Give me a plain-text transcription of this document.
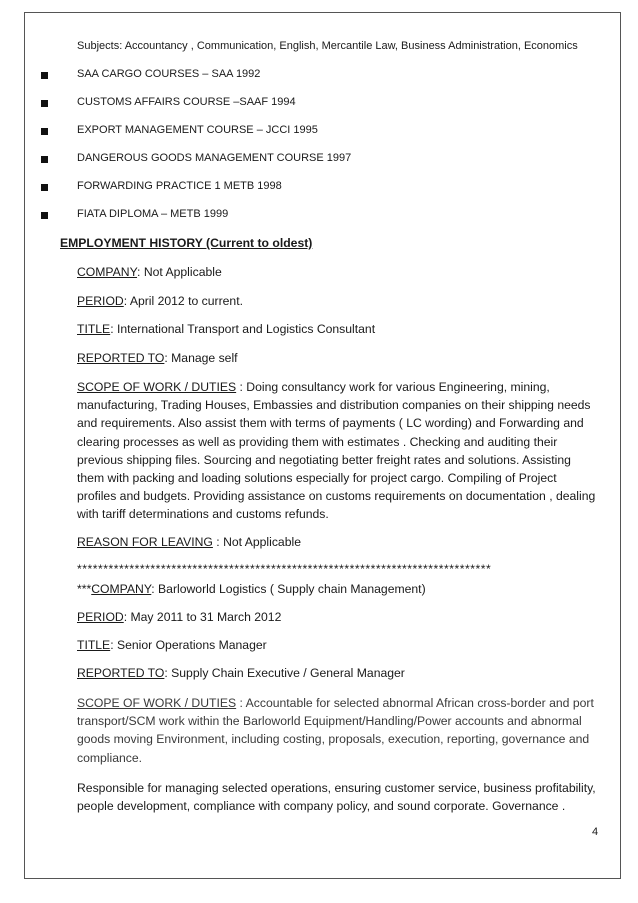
Subjects: Accountancy , Communication, English, Mercantile Law, Business Administration, Economics
SAA CARGO COURSES – SAA 1992
CUSTOMS AFFAIRS COURSE –SAAF 1994
EXPORT MANAGEMENT COURSE – JCCI 1995
DANGEROUS GOODS MANAGEMENT COURSE 1997
FORWARDING PRACTICE 1 METB 1998
FIATA DIPLOMA – METB 1999
EMPLOYMENT HISTORY (Current to oldest)
COMPANY: Not Applicable
PERIOD: April 2012 to current.
TITLE: International Transport and Logistics Consultant
REPORTED TO: Manage self
SCOPE OF WORK / DUTIES : Doing consultancy work for various Engineering, mining, manufacturing, Trading Houses, Embassies and distribution companies on their shipping needs and requirements. Also assist them with terms of payments ( LC wording) and Forwarding and clearing processes as well as providing them with estimates . Checking and auditing their previous shipping files. Sourcing and negotiating better freight rates and solutions. Assisting them with packing and loading solutions especially for project cargo. Compiling of Project profiles and budgets. Providing assistance on customs requirements on documentation , dealing with tariff determinations and customs refunds.
REASON FOR LEAVING : Not Applicable
*******************************************************************************
***COMPANY: Barloworld Logistics ( Supply chain Management)
PERIOD: May 2011 to 31 March 2012
TITLE: Senior Operations Manager
REPORTED TO: Supply Chain Executive / General Manager
SCOPE OF WORK / DUTIES : Accountable for selected abnormal African cross-border and port transport/SCM work within the Barloworld Equipment/Handling/Power accounts and abnormal goods moving Environment, including costing, proposals, execution, reporting, governance and compliance.
Responsible for managing selected operations, ensuring customer service, business profitability, people development, compliance with company policy, and sound corporate. Governance .
4
